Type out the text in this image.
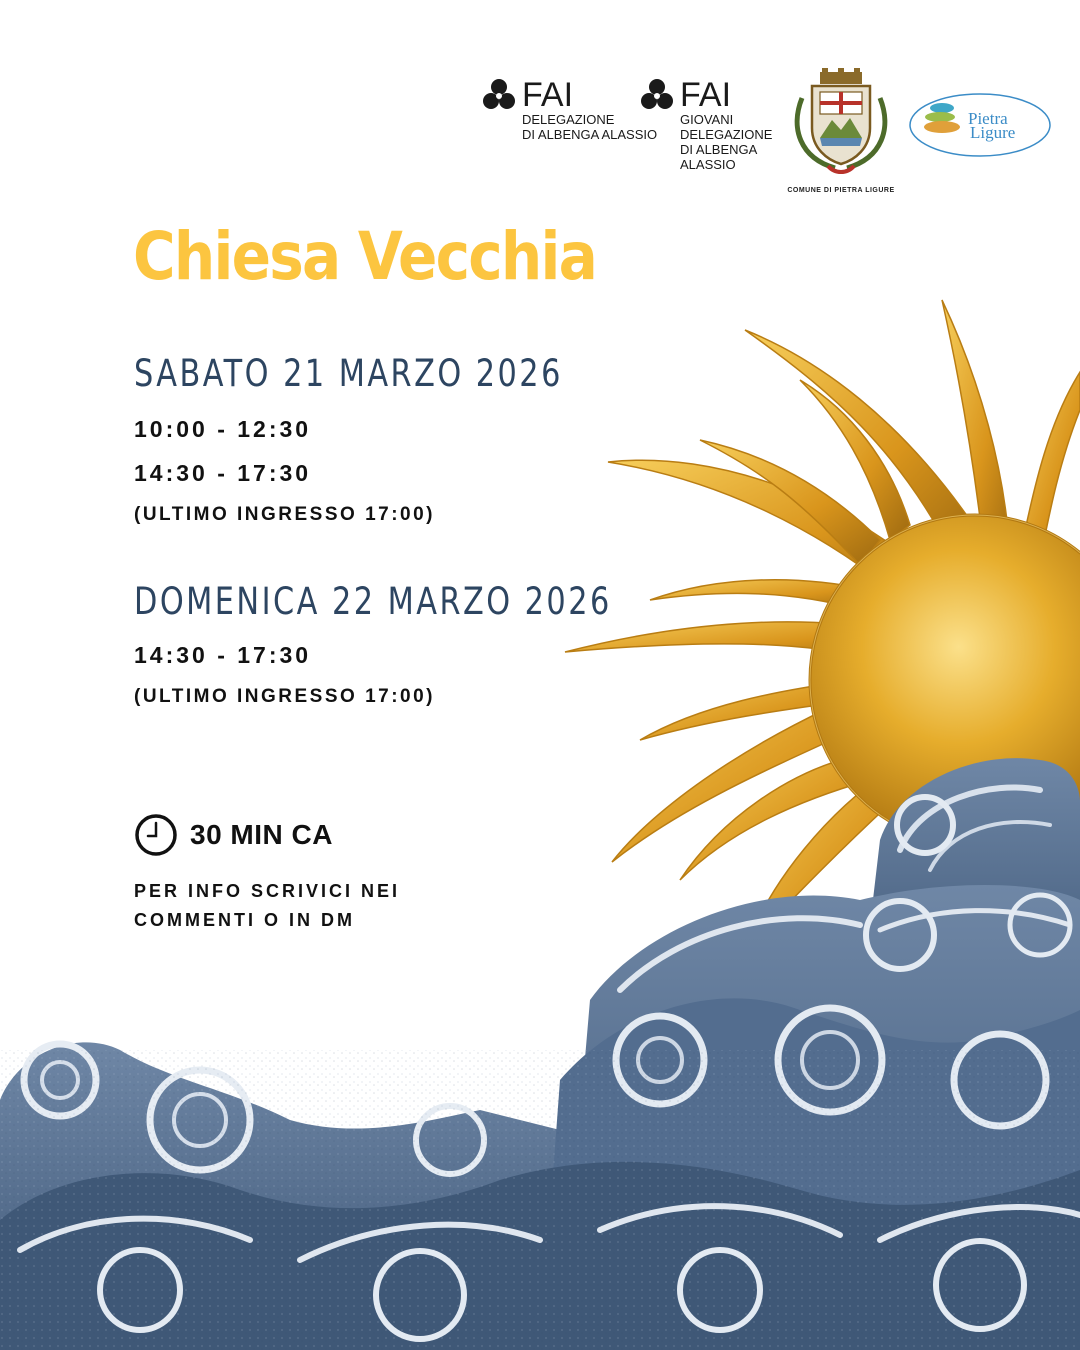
FAI
DELEGAZIONE
DI ALBENGA ALASSIO
FAI
GIOVANI
DELEGAZIONE
DI ALBENGA
ALASSIO
COMUNE DI PIETRA LIGURE
Pietra
Ligure
Chiesa Vecchia
SABATO 21 MARZO 2026
10:00 - 12:30
14:30 - 17:30
(ULTIMO INGRESSO 17:00)
DOMENICA 22 MARZO 2026
14:30 - 17:30
(ULTIMO INGRESSO 17:00)
30 MIN CA
PER INFO SCRIVICI NEI
COMMENTI O IN DM
